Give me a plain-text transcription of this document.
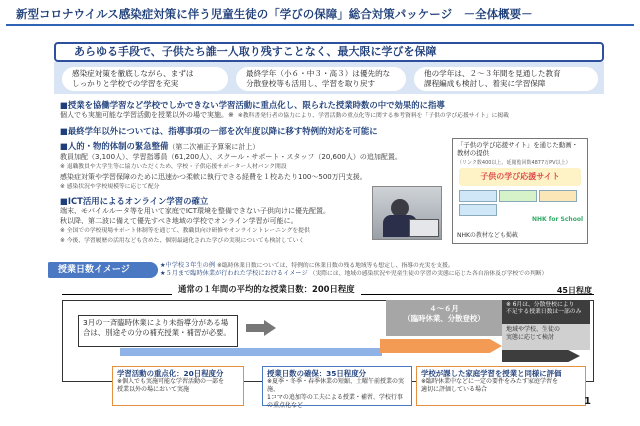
新型コロナウイルス感染症対策に伴う児童生徒の「学びの保障」総合対策パッケージ　－全体概要－
あらゆる手段で、子供たち誰一人取り残すことなく、最大限に学びを保障
感染症対策を徹底しながら、まずは
しっかりと学校での学習を充実
最終学年（小６・中３・高３）は優先的な
分散登校等も活用し、学習を取り戻す
他の学年は、２～３年間を見通した教育
課程編成も検討し、着実に学習保障
■授業を協働学習など学校でしかできない学習活動に重点化し、限られた授業時数の中で効果的に指導
個人でも実施可能な学習活動を授業以外の場で実施。※ ※教科書発行者の協力により、学習活動の重点化等に関する参考資料を「子供の学び応援サイト」に掲載
■最終学年以外については、指導事項の一部を次年度以降に移す特例的対応を可能に
■人的・物的体制の緊急整備（第二次補正予算案に計上）
教員加配（3,100人）、学習指導員（61,200人）、スクール・サポート・スタッフ（20,600人）の追加配置。
※ 退職教員や大学生等に協力いただくため、学校・子供応援サポーター人材バンク開設
感染症対策や学習保障のために迅速かつ柔軟に執行できる経費を１校あたり100～500万円支援。
※ 感染状況や学校規模等に応じて配分
■ICT活用によるオンライン学習の確立
端末、モバイルルータ等を用いて家庭でICT環境を整備できない子供向けに優先配置。
秋以降、第二波に備えて優先すべき地域の学校でオンライン学習が可能に。
※ 全国での学校現場サポート体制等を通じて、教職員向け研修やオンライントレーニングを提供
※ 今後、学習履歴の活用なども含めた、個別最適化された学びの実現についても検討していく
「子供の学び応援サイト」を通じた動画・教材の提供
（リンク数400以上、延閲覧回数4877万PV以上）
子供の学び応援サイト
NHK for School
NHKの教材なども掲載
授業日数イメージ	★中学校３年生の例 ※臨時休業日数については、特例的に休業日数の残る地域等も想定し、指導の充実を支援。
★５月まで臨時休業が行われた学校におけるイメージ （実際には、地域の感染状況や児童生徒の学習の実態に応じた各自治体及び学校での判断）
通常の１年間の平均的な授業日数：200日程度	45日程度
3月の一斉臨時休業により未指導分がある場合は、別途その分の補充授業・補習が必要。
４～６月
（臨時休業、分散登校）
※ 6月は、分散登校により
不足する授業日数は一部のみ
地域や学校、生徒の
実態に応じて検討
学習活動の重点化：20日程度分
※個人でも実施可能な学習活動の一部を
授業以外の場において実施
授業日数の確保：35日程度分
※夏季・冬季・春季休業の短縮、土曜午前授業の実施、
1コマの追加等の工夫による授業・補習、学校行事の重点化など
学校が課した家庭学習を授業と同様に評価
※臨時休業中などに一定の要件をみたす家庭学習を
適切に評価している場合
1
